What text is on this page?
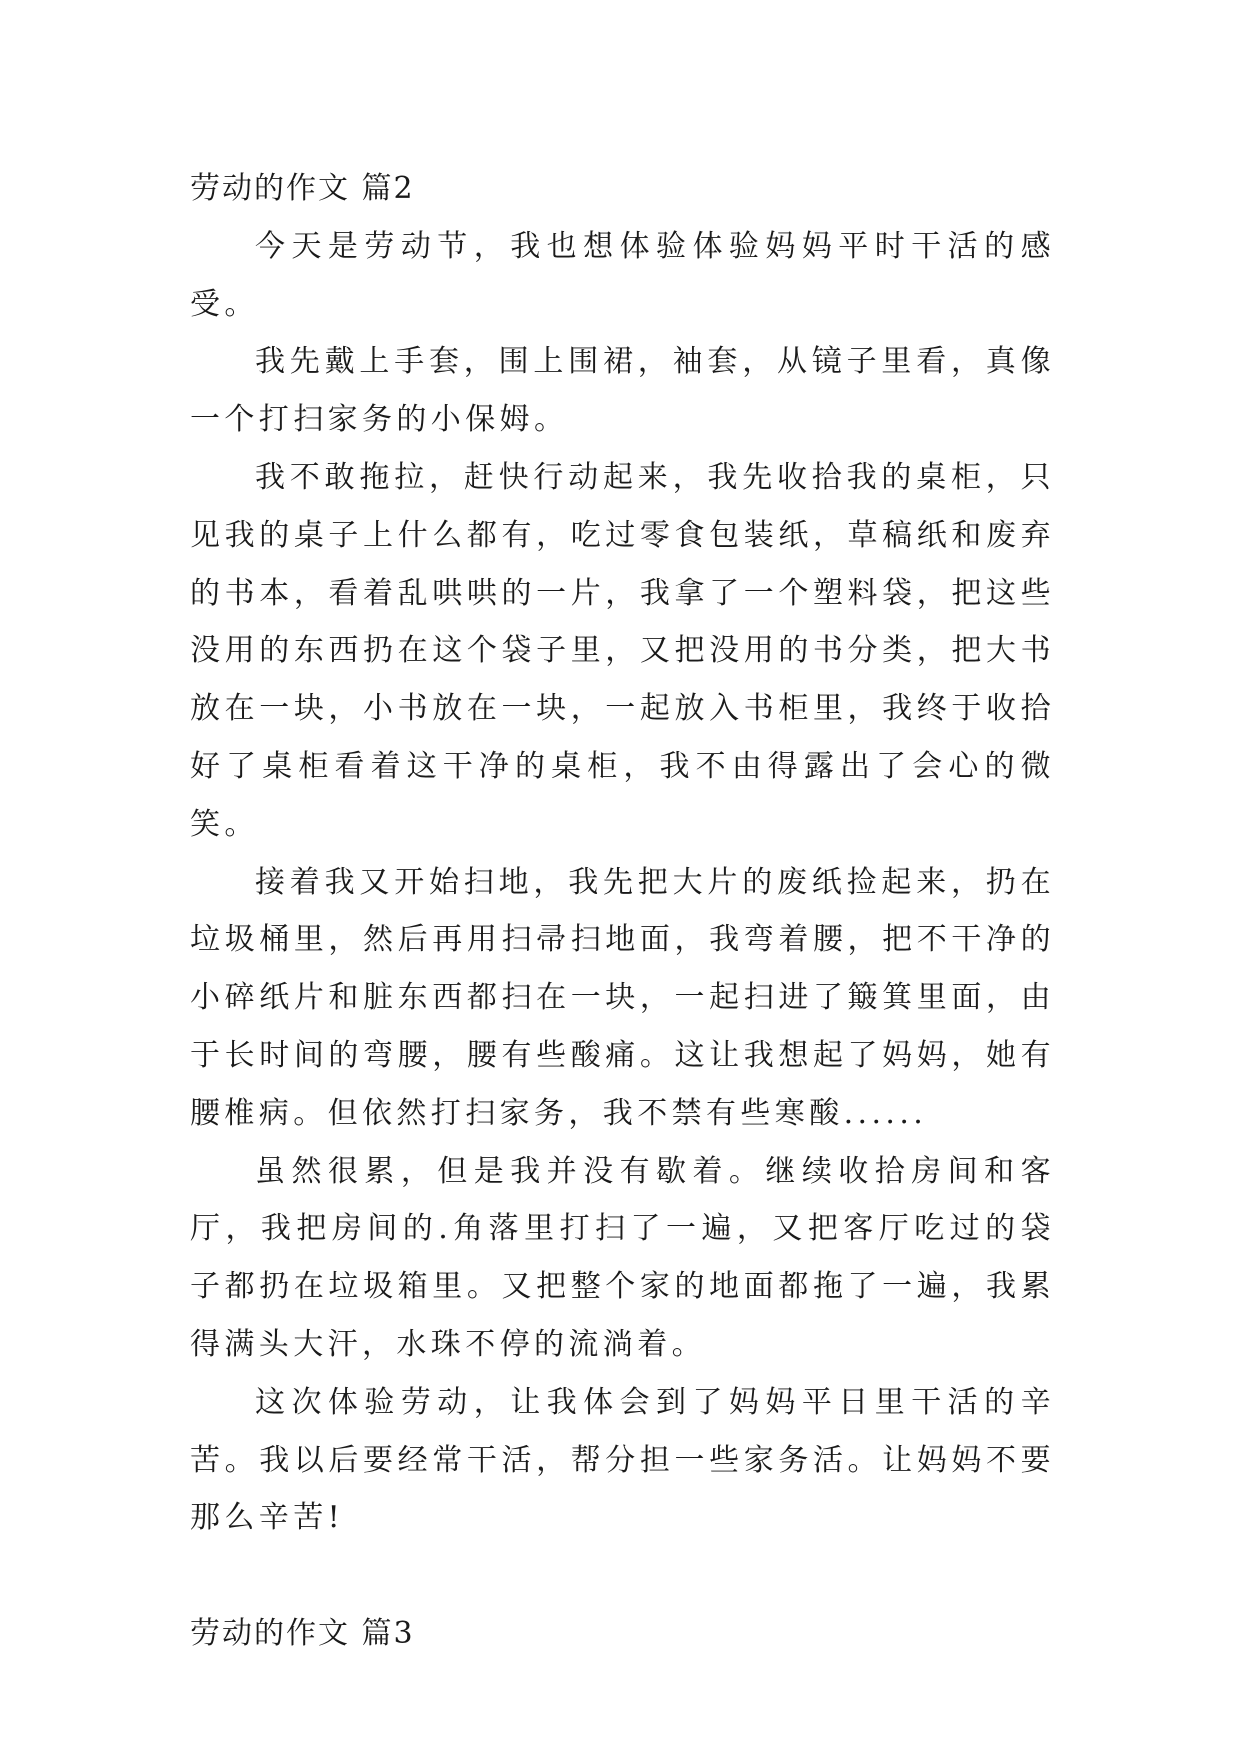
劳动的作文 篇2

今天是劳动节，我也想体验体验妈妈平时干活的感受。

我先戴上手套，围上围裙，袖套，从镜子里看，真像一个打扫家务的小保姆。

我不敢拖拉，赶快行动起来，我先收拾我的桌柜，只见我的桌子上什么都有，吃过零食包装纸，草稿纸和废弃的书本，看着乱哄哄的一片，我拿了一个塑料袋，把这些没用的东西扔在这个袋子里，又把没用的书分类，把大书放在一块，小书放在一块，一起放入书柜里，我终于收拾好了桌柜看着这干净的桌柜，我不由得露出了会心的微笑。

接着我又开始扫地，我先把大片的废纸捡起来，扔在垃圾桶里，然后再用扫帚扫地面，我弯着腰，把不干净的小碎纸片和脏东西都扫在一块，一起扫进了簸箕里面，由于长时间的弯腰，腰有些酸痛。这让我想起了妈妈，她有腰椎病。但依然打扫家务，我不禁有些寒酸......

虽然很累，但是我并没有歇着。继续收拾房间和客厅，我把房间的.角落里打扫了一遍，又把客厅吃过的袋子都扔在垃圾箱里。又把整个家的地面都拖了一遍，我累得满头大汗，水珠不停的流淌着。

这次体验劳动，让我体会到了妈妈平日里干活的辛苦。我以后要经常干活，帮分担一些家务活。让妈妈不要那么辛苦!

劳动的作文 篇3
